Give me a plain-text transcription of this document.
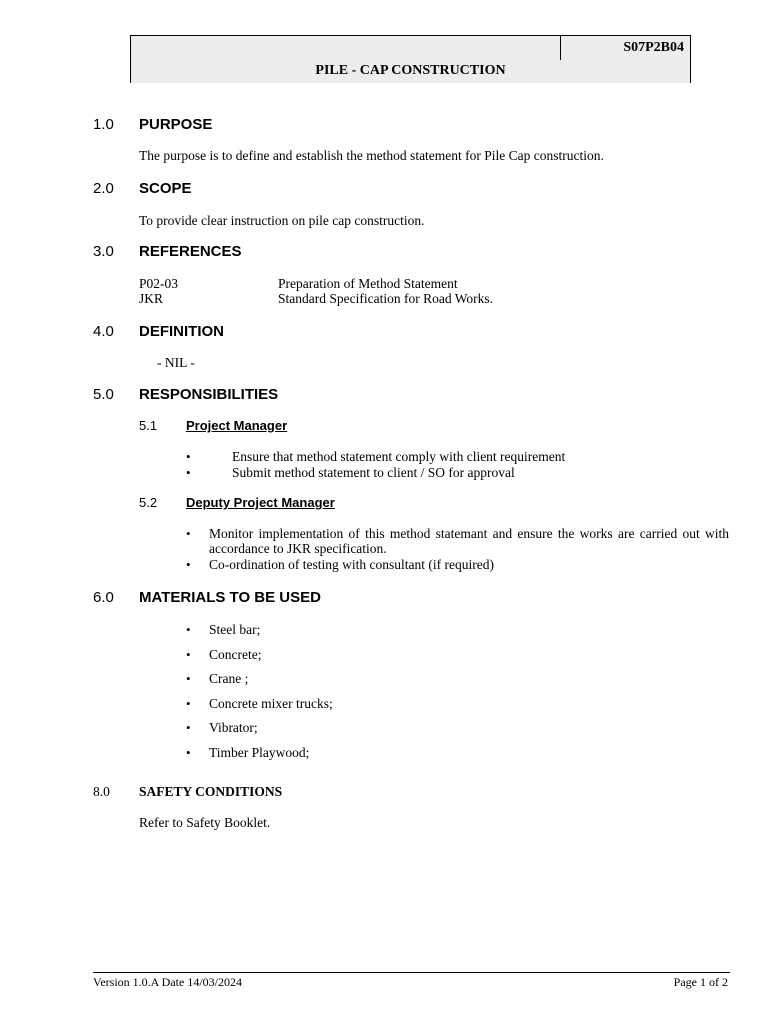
S07P2B04
PILE - CAP CONSTRUCTION
1.0 PURPOSE
The purpose is to define and establish the method statement for Pile Cap construction.
2.0 SCOPE
To provide clear instruction on pile cap construction.
3.0 REFERENCES
P02-03	Preparation of Method Statement
JKR	Standard Specification for Road Works.
4.0 DEFINITION
- NIL -
5.0 RESPONSIBILITIES
5.1 Project Manager
•	Ensure that method statement comply with client requirement
•	Submit method statement to client / SO for approval
5.2 Deputy Project Manager
• Monitor implementation of this method statemant and ensure the works are carried out with accordance to JKR specification.
• Co-ordination of testing with consultant (if required)
6.0 MATERIALS TO BE USED
• Steel bar;
• Concrete;
• Crane ;
• Concrete mixer trucks;
• Vibrator;
• Timber Playwood;
8.0 SAFETY CONDITIONS
Refer to Safety Booklet.
Version 1.0.A Date 14/03/2024	Page 1 of 2
